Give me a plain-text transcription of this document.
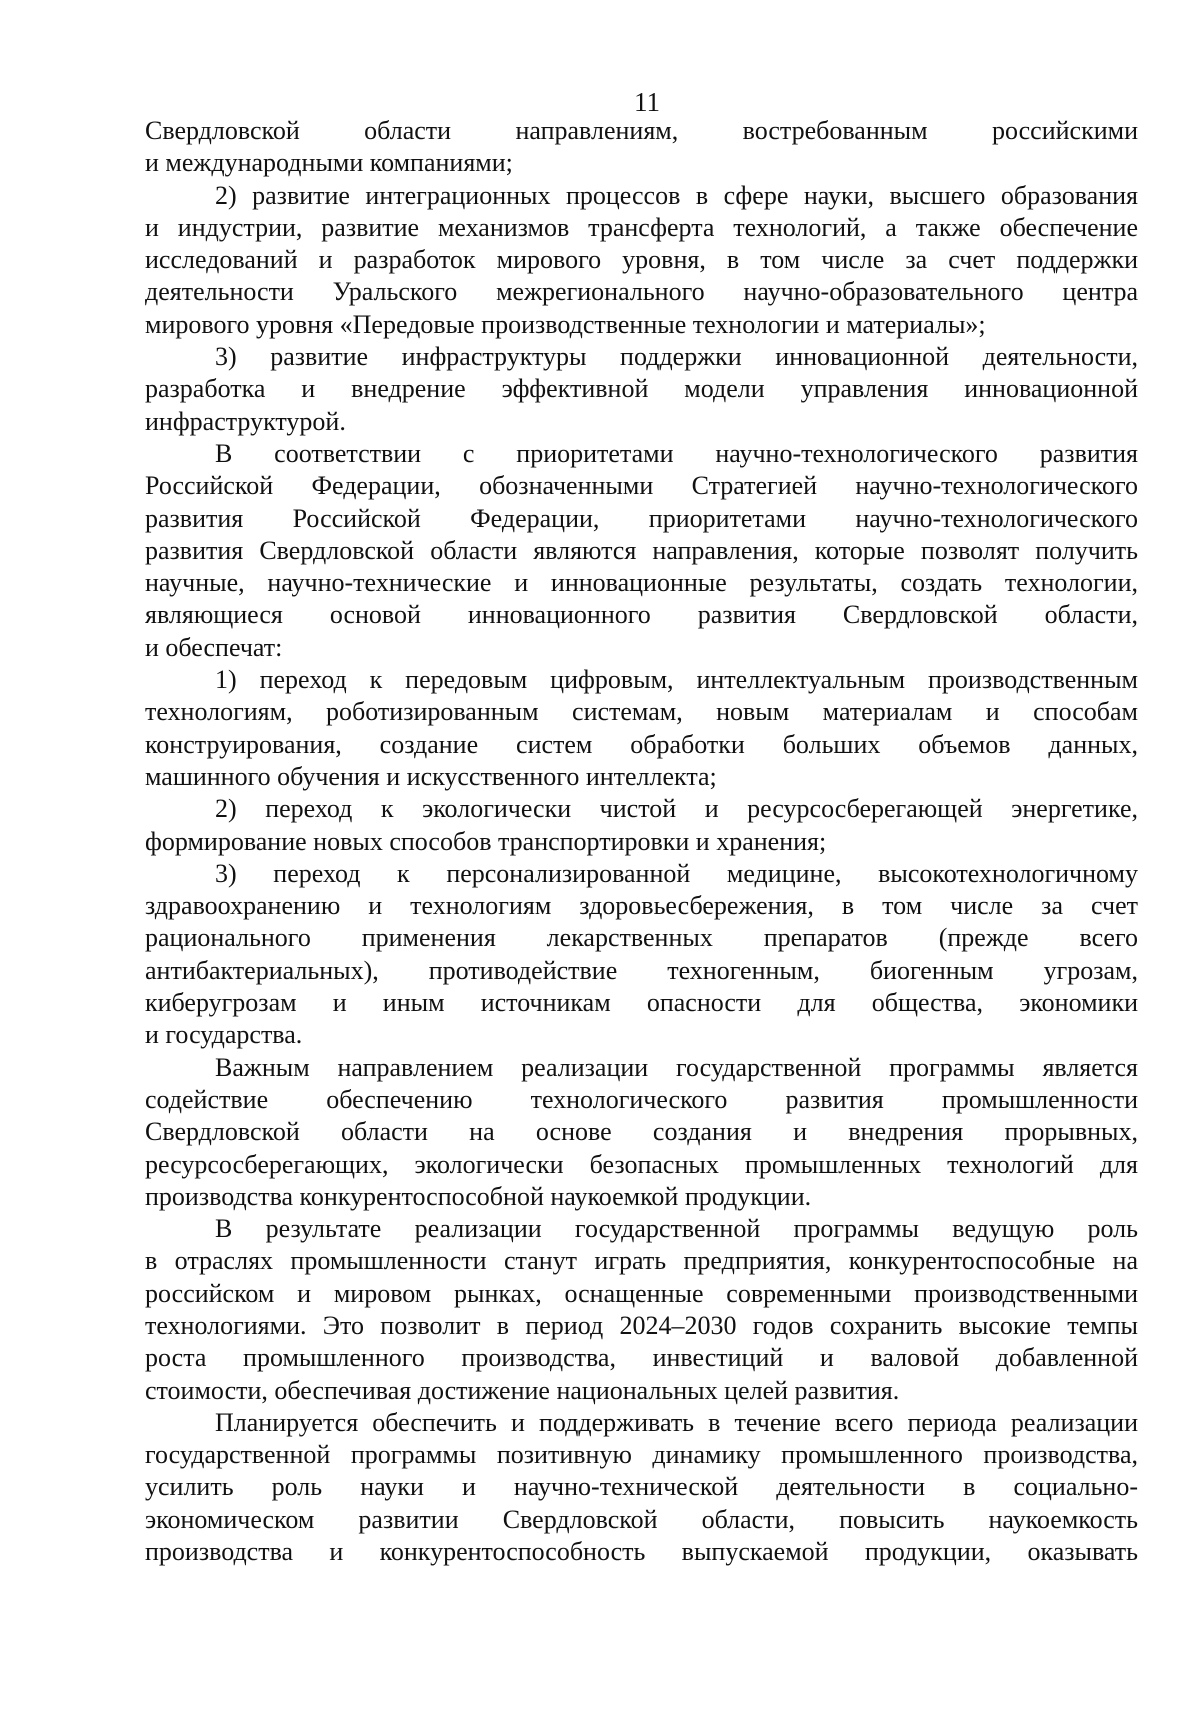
11

Свердловской области направлениям, востребованным российскими

и международными компаниями;

2) развитие интеграционных процессов в сфере науки, высшего образования

и индустрии, развитие механизмов трансферта технологий, а также обеспечение

исследований и разработок мирового уровня, в том числе за счет поддержки

деятельности Уральского межрегионального научно-образовательного центра

мирового уровня «Передовые производственные технологии и материалы»;

3) развитие инфраструктуры поддержки инновационной деятельности,

разработка и внедрение эффективной модели управления инновационной

инфраструктурой.

В соответствии с приоритетами научно-технологического развития

Российской Федерации, обозначенными Стратегией научно-технологического

развития Российской Федерации, приоритетами научно-технологического

развития Свердловской области являются направления, которые позволят получить

научные, научно-технические и инновационные результаты, создать технологии,

являющиеся основой инновационного развития Свердловской области,

и обеспечат:

1) переход к передовым цифровым, интеллектуальным производственным

технологиям, роботизированным системам, новым материалам и способам

конструирования, создание систем обработки больших объемов данных,

машинного обучения и искусственного интеллекта;

2) переход к экологически чистой и ресурсосберегающей энергетике,

формирование новых способов транспортировки и хранения;

3) переход к персонализированной медицине, высокотехнологичному

здравоохранению и технологиям здоровьесбережения, в том числе за счет

рационального применения лекарственных препаратов (прежде всего

антибактериальных), противодействие техногенным, биогенным угрозам,

киберугрозам и иным источникам опасности для общества, экономики

и государства.

Важным направлением реализации государственной программы является

содействие обеспечению технологического развития промышленности

Свердловской области на основе создания и внедрения прорывных,

ресурсосберегающих, экологически безопасных промышленных технологий для

производства конкурентоспособной наукоемкой продукции.

В результате реализации государственной программы ведущую роль

в отраслях промышленности станут играть предприятия, конкурентоспособные на

российском и мировом рынках, оснащенные современными производственными

технологиями. Это позволит в период 2024–2030 годов сохранить высокие темпы

роста промышленного производства, инвестиций и валовой добавленной

стоимости, обеспечивая достижение национальных целей развития.

Планируется обеспечить и поддерживать в течение всего периода реализации

государственной программы позитивную динамику промышленного производства,

усилить роль науки и научно-технической деятельности в социально-

экономическом развитии Свердловской области, повысить наукоемкость

производства и конкурентоспособность выпускаемой продукции, оказывать
